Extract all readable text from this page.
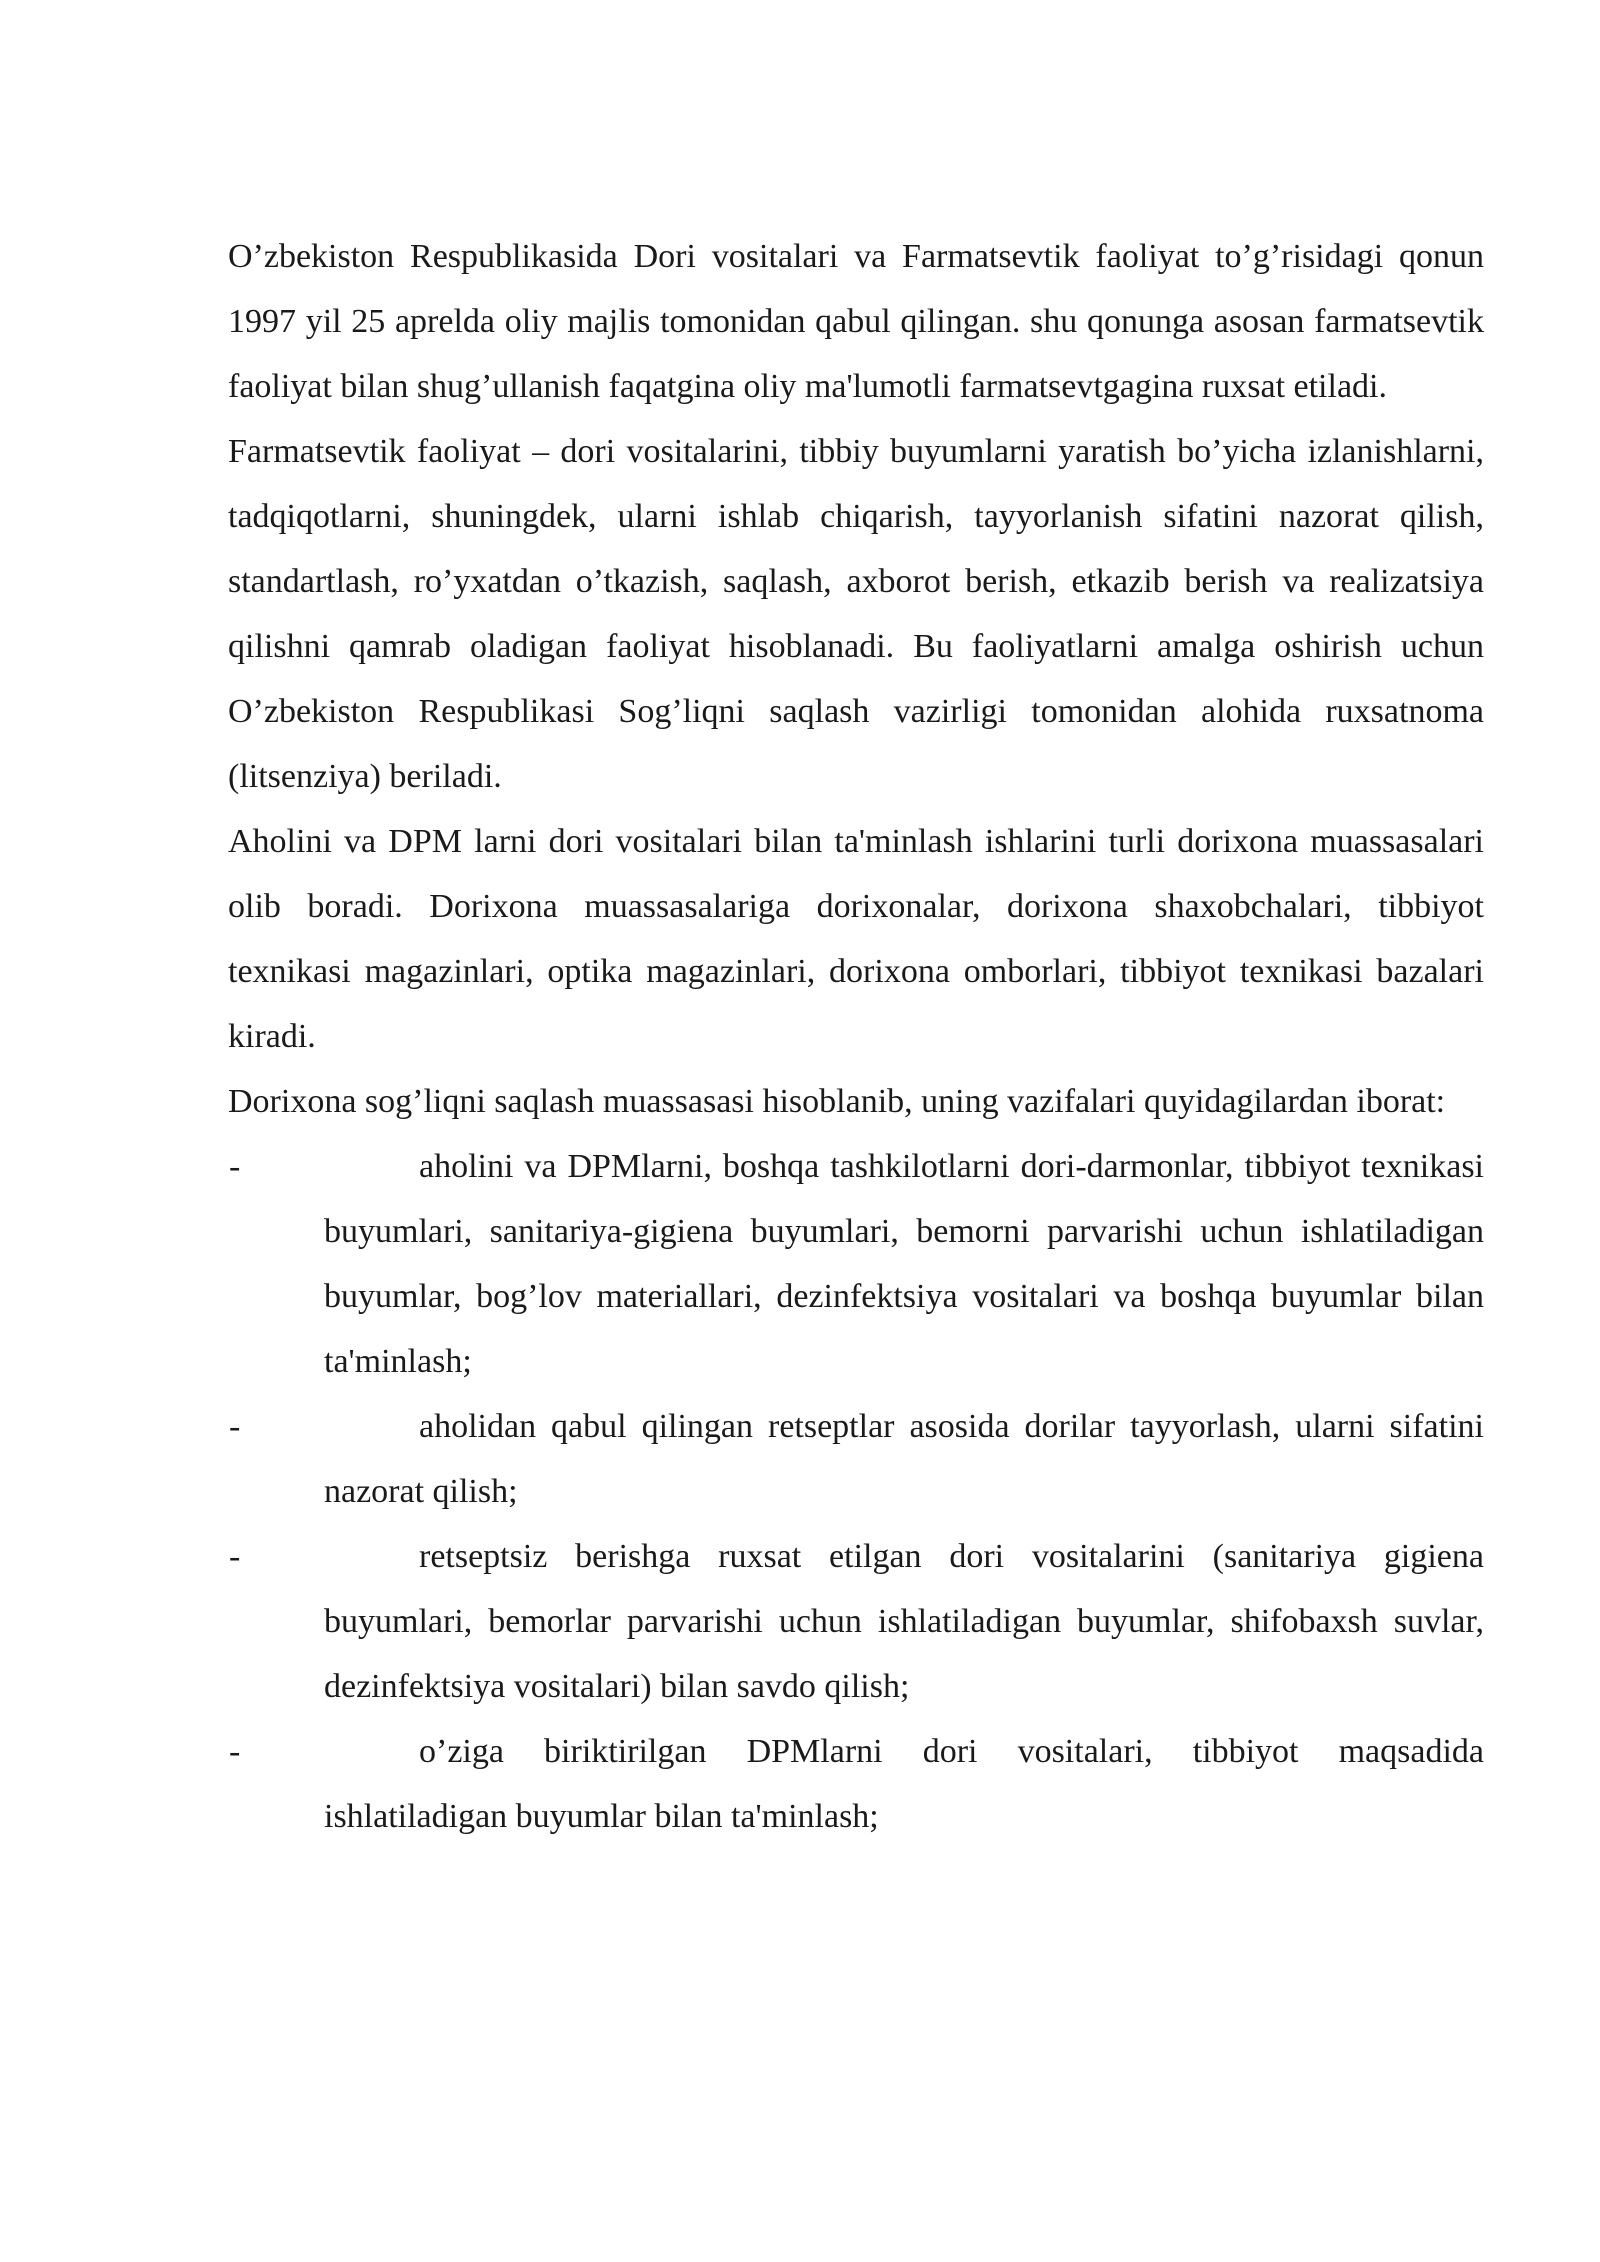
O’zbekiston Respublikasida Dori vositalari va Farmatsevtik faoliyat to’g’risidagi qonun 1997 yil 25 aprelda oliy majlis tomonidan qabul qilingan. shu qonunga asosan farmatsevtik faoliyat bilan shug’ullanish faqatgina oliy ma'lumotli farmatsevtgagina ruxsat etiladi.

Farmatsevtik faoliyat – dori vositalarini, tibbiy buyumlarni yaratish bo’yicha izlanishlarni, tadqiqotlarni, shuningdek, ularni ishlab chiqarish, tayyorlanish sifatini nazorat qilish, standartlash, ro’yxatdan o’tkazish, saqlash, axborot berish, etkazib berish va realizatsiya qilishni qamrab oladigan faoliyat hisoblanadi. Bu faoliyatlarni amalga oshirish uchun O’zbekiston Respublikasi Sog’liqni saqlash vazirligi tomonidan alohida ruxsatnoma (litsenziya) beriladi.

Aholini va DPM larni dori vositalari bilan ta'minlash ishlarini turli dorixona muassasalari olib boradi. Dorixona muassasalariga dorixonalar, dorixona shaxobchalari, tibbiyot texnikasi magazinlari, optika magazinlari, dorixona omborlari, tibbiyot texnikasi bazalari kiradi.

Dorixona sog’liqni saqlash muassasasi hisoblanib, uning vazifalari quyidagilardan iborat:

-	aholini va DPMlarni, boshqa tashkilotlarni dori-darmonlar, tibbiyot texnikasi buyumlari, sanitariya-gigiena buyumlari, bemorni parvarishi uchun ishlatiladigan buyumlar, bog’lov materiallari, dezinfektsiya vositalari va boshqa buyumlar bilan ta'minlash;
-	aholidan qabul qilingan retseptlar asosida dorilar tayyorlash, ularni sifatini nazorat qilish;
-	retseptsiz berishga ruxsat etilgan dori vositalarini (sanitariya gigiena buyumlari, bemorlar parvarishi uchun ishlatiladigan buyumlar, shifobaxsh suvlar, dezinfektsiya vositalari) bilan savdo qilish;
-	o’ziga biriktirilgan DPMlarni dori vositalari, tibbiyot maqsadida ishlatiladigan buyumlar bilan ta'minlash;
